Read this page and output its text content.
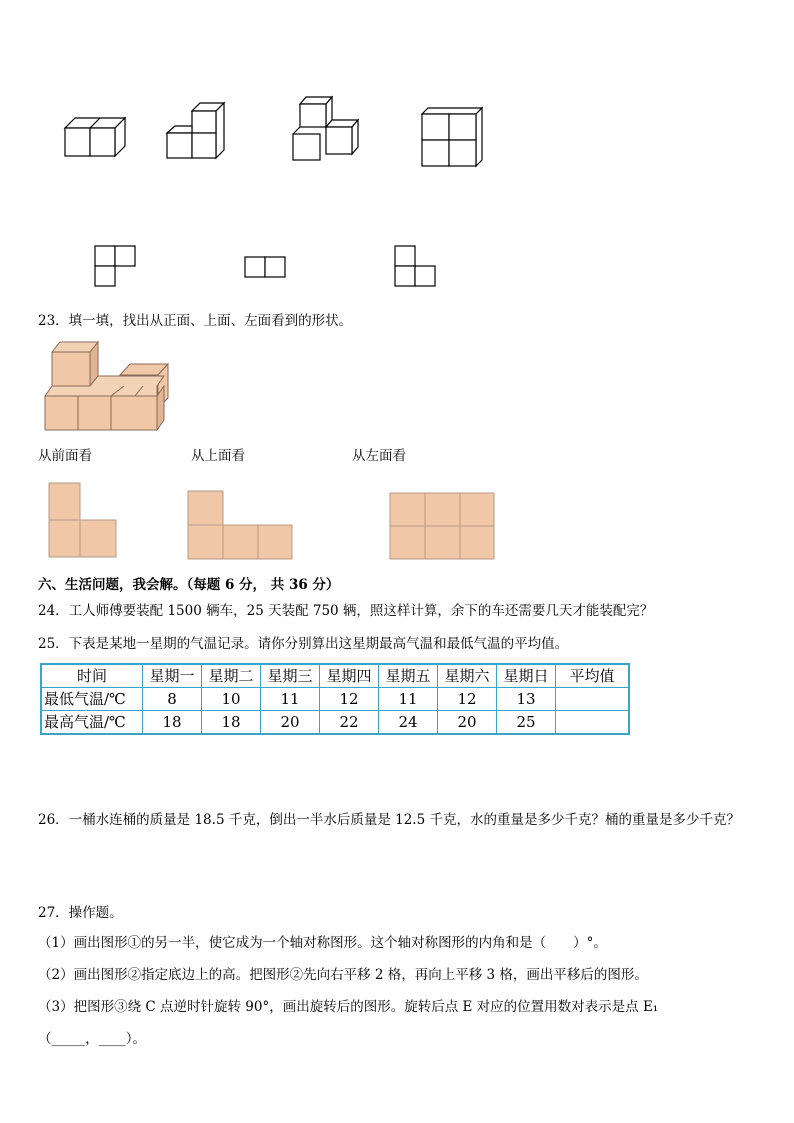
23．填一填，找出从正面、上面、左面看到的形状。
从前面看	从上面看	从左面看
六、生活问题，我会解。（每题 6 分， 共 36 分）
24．工人师傅要装配 1500 辆车，25 天装配 750 辆，照这样计算，余下的车还需要几天才能装配完？
25．下表是某地一星期的气温记录。请你分别算出这星期最高气温和最低气温的平均值。
时间	星期一	星期二	星期三	星期四	星期五	星期六	星期日	平均值
最低气温/℃	8	10	11	12	11	12	13	
最高气温/℃	18	18	20	22	24	20	25	
26．一桶水连桶的质量是 18.5 千克，倒出一半水后质量是 12.5 千克，水的重量是多少千克？桶的重量是多少千克？
27．操作题。
（1）画出图形①的另一半，使它成为一个轴对称图形。这个轴对称图形的内角和是（　　）°。
（2）画出图形②指定底边上的高。把图形②先向右平移 2 格，再向上平移 3 格，画出平移后的图形。
（3）把图形③绕 C 点逆时针旋转 90°，画出旋转后的图形。旋转后点 E 对应的位置用数对表示是点 E₁
（_____，____）。
